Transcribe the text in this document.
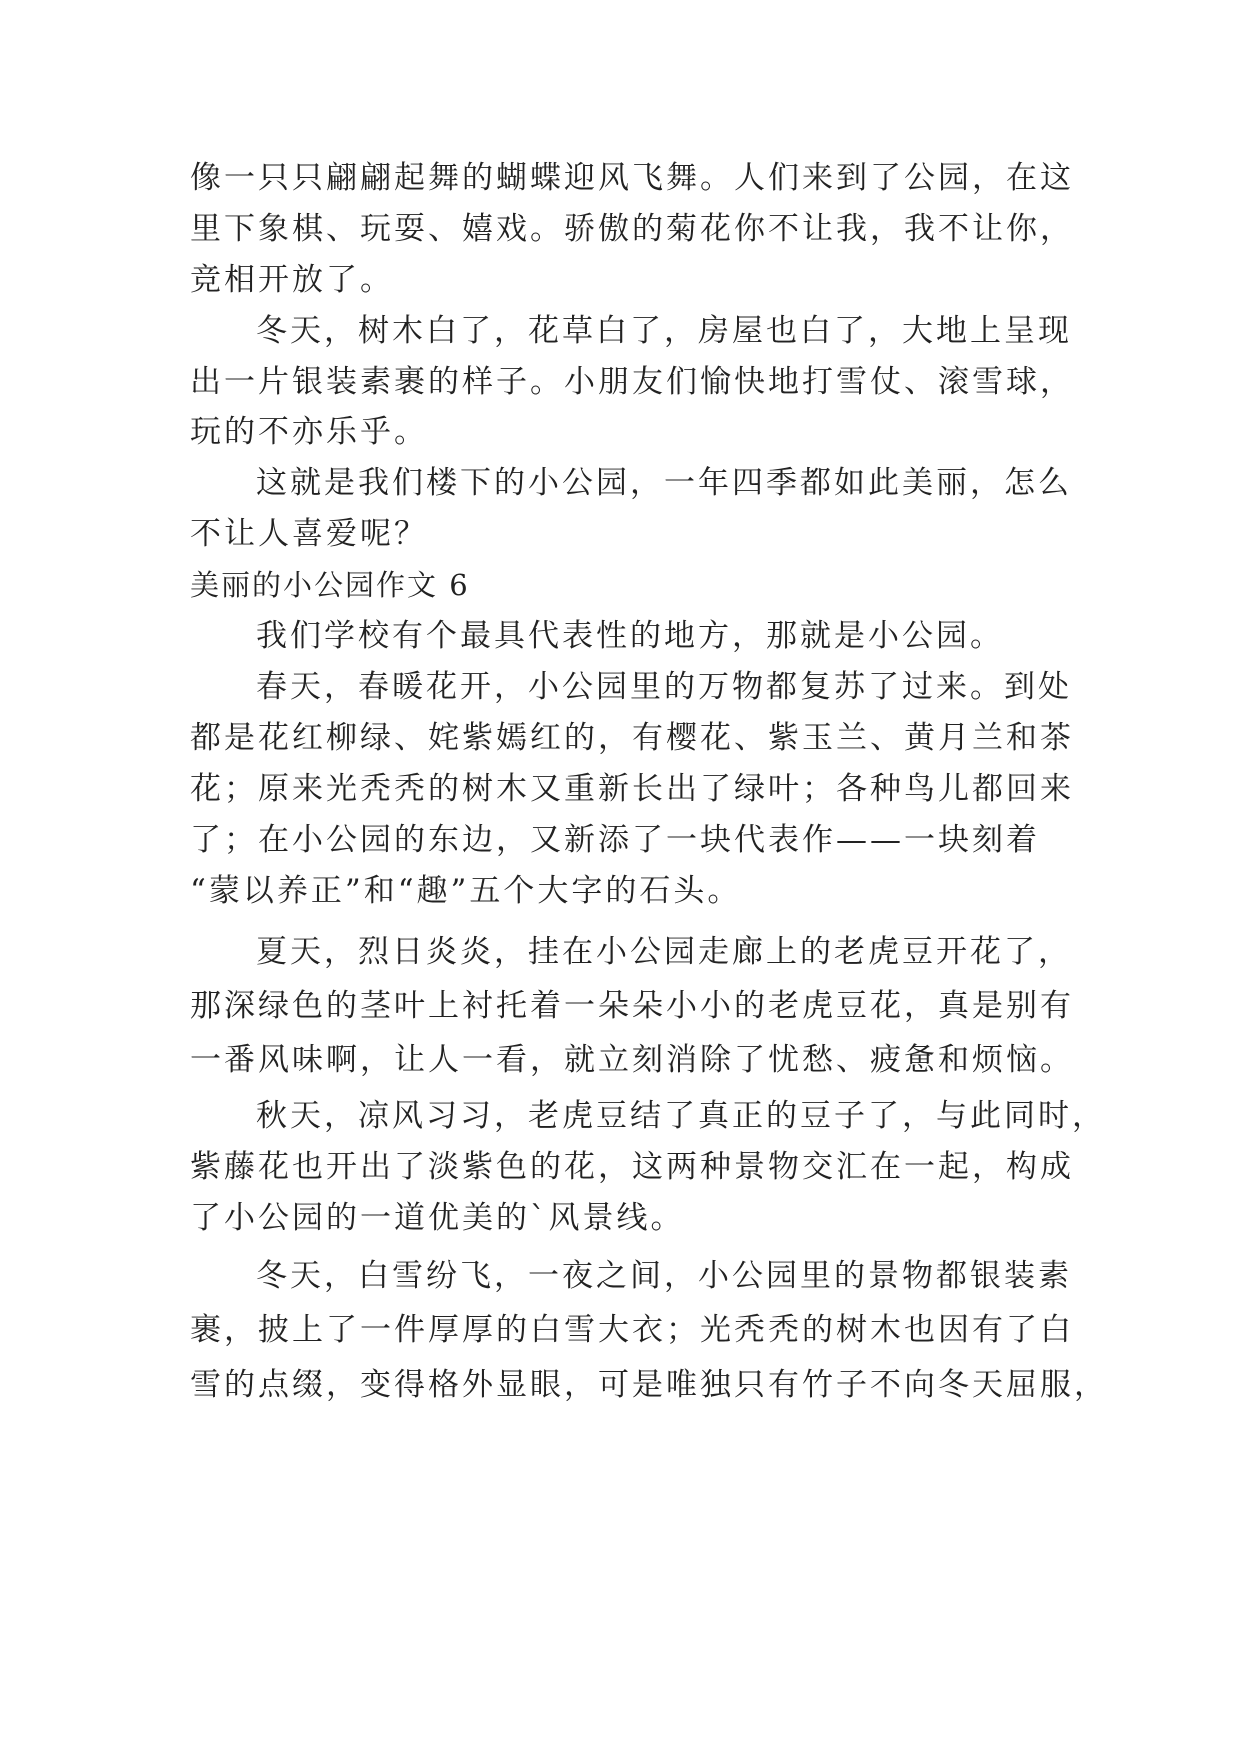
像一只只翩翩起舞的蝴蝶迎风飞舞。人们来到了公园，在这
里下象棋、玩耍、嬉戏。骄傲的菊花你不让我，我不让你，
竞相开放了。
冬天，树木白了，花草白了，房屋也白了，大地上呈现
出一片银装素裹的样子。小朋友们愉快地打雪仗、滚雪球，
玩的不亦乐乎。
这就是我们楼下的小公园，一年四季都如此美丽，怎么
不让人喜爱呢？
美丽的小公园作文 6
我们学校有个最具代表性的地方，那就是小公园。
春天，春暖花开，小公园里的万物都复苏了过来。到处
都是花红柳绿、姹紫嫣红的，有樱花、紫玉兰、黄月兰和茶
花；原来光秃秃的树木又重新长出了绿叶；各种鸟儿都回来
了；在小公园的东边，又新添了一块代表作——一块刻着
“蒙以养正”和“趣”五个大字的石头。
夏天，烈日炎炎，挂在小公园走廊上的老虎豆开花了，
那深绿色的茎叶上衬托着一朵朵小小的老虎豆花，真是别有
一番风味啊，让人一看，就立刻消除了忧愁、疲惫和烦恼。
秋天，凉风习习，老虎豆结了真正的豆子了，与此同时，
紫藤花也开出了淡紫色的花，这两种景物交汇在一起，构成
了小公园的一道优美的`风景线。
冬天，白雪纷飞，一夜之间，小公园里的景物都银装素
裹，披上了一件厚厚的白雪大衣；光秃秃的树木也因有了白
雪的点缀，变得格外显眼，可是唯独只有竹子不向冬天屈服，
